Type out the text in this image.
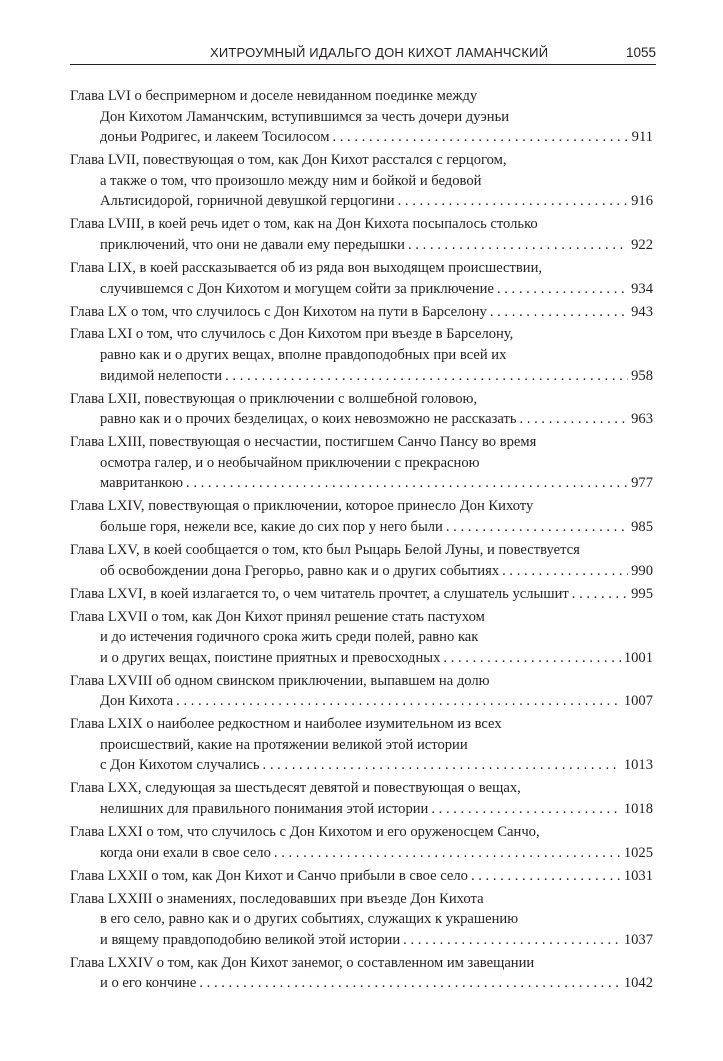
ХИТРОУМНЫЙ ИДАЛЬГО ДОН КИХОТ ЛАМАНЧСКИЙ	1055
Глава LVI о беспримерном и доселе невиданном поединке между
Дон Кихотом Ламанчским, вступившимся за честь дочери дуэньи
доньи Родригес, и лакеем Тосилосом . . .	911
Глава LVII, повествующая о том, как Дон Кихот расстался с герцогом,
а также о том, что произошло между ним и бойкой и бедовой
Альтисидорой, горничной девушкой герцогини . . .	916
Глава LVIII, в коей речь идет о том, как на Дон Кихота посыпалось столько
приключений, что они не давали ему передышки . . .	922
Глава LIX, в коей рассказывается об из ряда вон выходящем происшествии,
случившемся с Дон Кихотом и могущем сойти за приключение . . .	934
Глава LX о том, что случилось с Дон Кихотом на пути в Барселону . . .	943
Глава LXI о том, что случилось с Дон Кихотом при въезде в Барселону,
равно как и о других вещах, вполне правдоподобных при всей их
видимой нелепости . . .	958
Глава LXII, повествующая о приключении с волшебной головою,
равно как и о прочих безделицах, о коих невозможно не рассказать . . .	963
Глава LXIII, повествующая о несчастии, постигшем Санчо Пансу во время
осмотра галер, и о необычайном приключении с прекрасною
мавританкою . . .	977
Глава LXIV, повествующая о приключении, которое принесло Дон Кихоту
больше горя, нежели все, какие до сих пор у него были . . .	985
Глава LXV, в коей сообщается о том, кто был Рыцарь Белой Луны, и повествуется
об освобождении дона Грегорьо, равно как и о других событиях . . .	990
Глава LXVI, в коей излагается то, о чем читатель прочтет, а слушатель услышит . . .	995
Глава LXVII о том, как Дон Кихот принял решение стать пастухом
и до истечения годичного срока жить среди полей, равно как
и о других вещах, поистине приятных и превосходных . . .	1001
Глава LXVIII об одном свинском приключении, выпавшем на долю
Дон Кихота . . .	1007
Глава LXIX о наиболее редкостном и наиболее изумительном из всех
происшествий, какие на протяжении великой этой истории
с Дон Кихотом случались . . .	1013
Глава LXX, следующая за шестьдесят девятой и повествующая о вещах,
нелишних для правильного понимания этой истории . . .	1018
Глава LXXI о том, что случилось с Дон Кихотом и его оруженосцем Санчо,
когда они ехали в свое село . . .	1025
Глава LXXII о том, как Дон Кихот и Санчо прибыли в свое село . . .	1031
Глава LXXIII о знамениях, последовавших при въезде Дон Кихота
в его село, равно как и о других событиях, служащих к украшению
и вящему правдоподобию великой этой истории . . .	1037
Глава LXXIV о том, как Дон Кихот занемог, о составленном им завещании
и о его кончине . . .	1042
